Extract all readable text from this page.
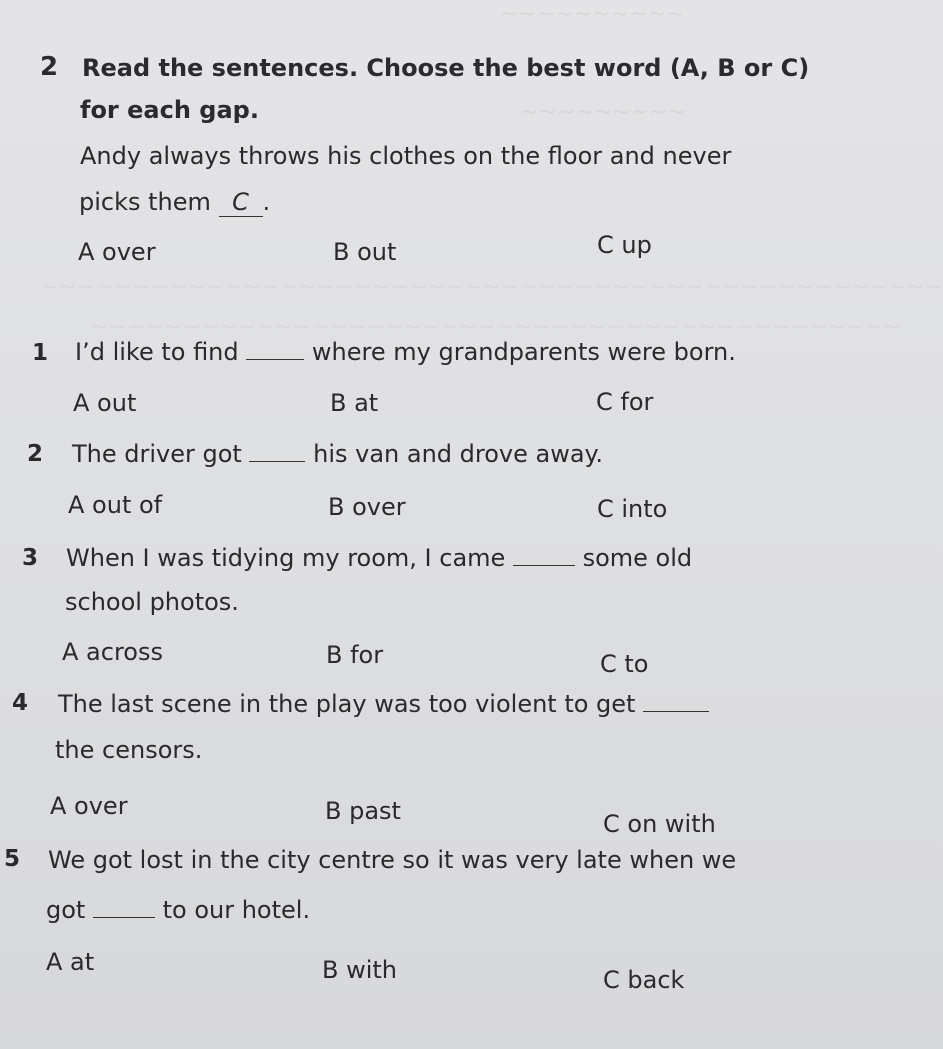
~~~~~~~~~~
~~~~~~~~~
~~~~~~~~~~~~~~~~~~~~~~~~~~~~~~~~~~~~~~~~~~~~~~~~~
~~~~~~~~~~~~~~~~~~~~~~~~~~~~~~~~~~~~~~~~~~~~
2 Read the sentences. Choose the best word (A, B or C)
for each gap.
Andy always throws his clothes on the floor and never
picks them C .
A over	B out	C up
1 I’d like to find	where my grandparents were born.
A out	B at	C for
2 The driver got	his van and drove away.
A out of	B over	C into
3 When I was tidying my room, I came	some old
school photos.
A across	B for	C to
4 The last scene in the play was too violent to get
the censors.
A over	B past	C on with
5 We got lost in the city centre so it was very late when we
got	to our hotel.
A at	B with	C back
